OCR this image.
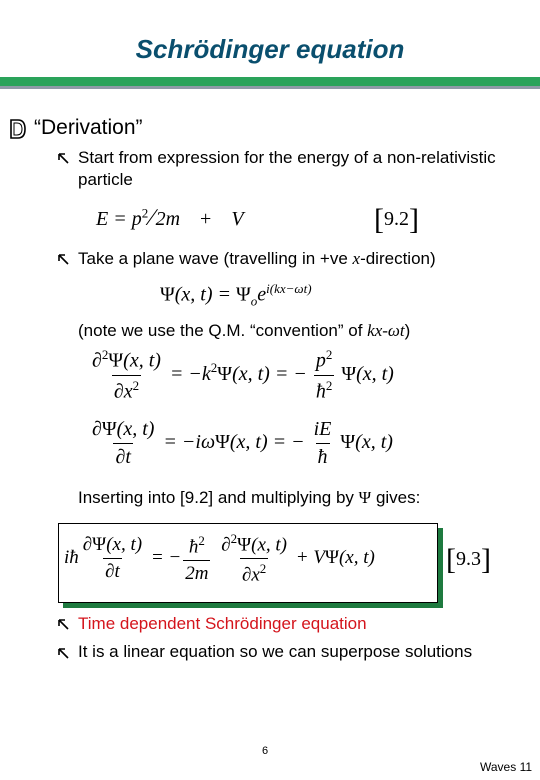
Schrödinger equation
“Derivation”
Start from expression for the energy of a non-relativistic particle
$E = p^2$ ∕ 2m    +    V	[9.2]
Take a plane wave (travelling in +ve x-direction)
Ψ(x, $t) = \Psi_oe^{i(kx-\omega t)}$
(note we use the Q.M. “convention” of kx-ωt)
$\frac{\partial^2\Psi(x, t)}{\partial x^2} = -k^2\Psi(x$, t) = − $\frac{p^2}{ħ^2} \Psi(x$, t)
$\frac{\partial\Psi(x, t)}{\partial t} = -i\omega\Psi(x$, t) = − $\frac{iE}{ħ} \Psi(x$, t)
Inserting into [9.2] and multiplying by Ψ gives:
iħ $\frac{\partial\Psi(x, t)}{\partial t}$ = − $\frac{ħ^2}{2m}$
$\frac{\partial^2\Psi(x, t)}{\partial x^2} + V\Psi(x$, t) [9.3]
Time dependent Schrödinger equation
It is a linear equation so we can superpose solutions
6
Waves 11
